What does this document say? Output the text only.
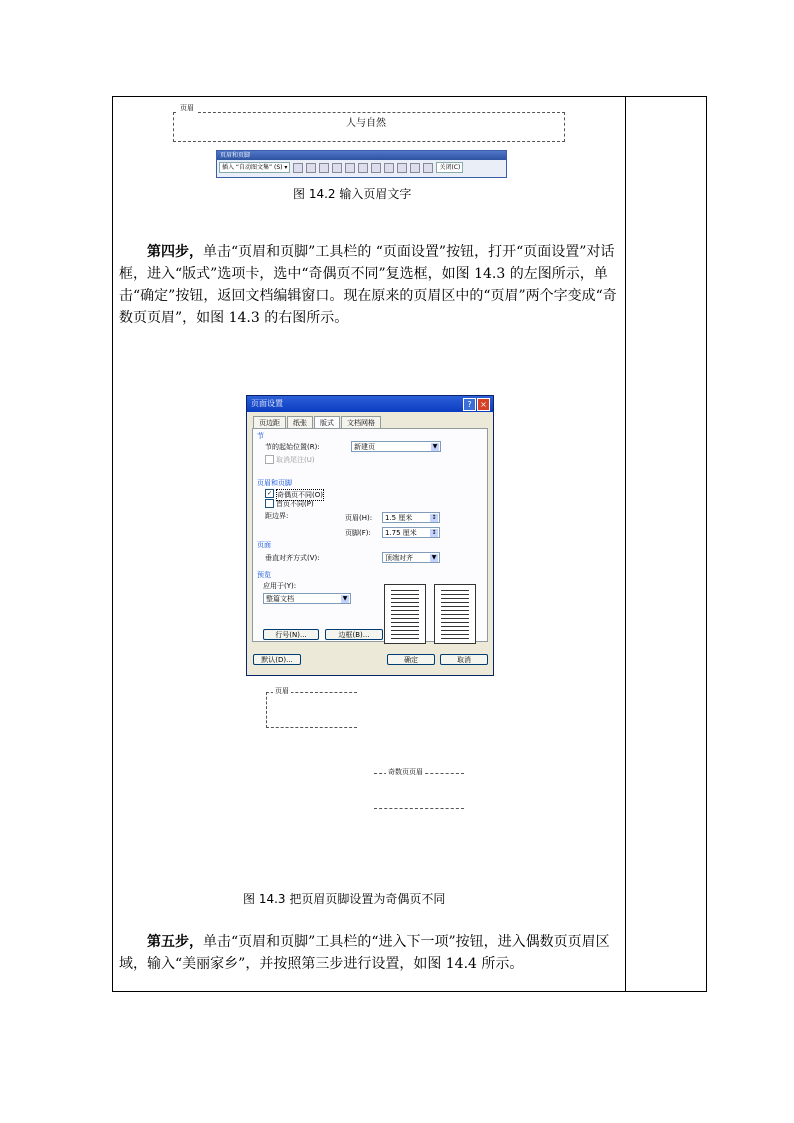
页眉
人与自然
页眉和页脚
插入 “自动图文集” (S) ▾	关闭(C)
图 14.2 输入页眉文字
第四步，单击“页眉和页脚”工具栏的 “页面设置”按钮，打开“页面设置”对话框，进入“版式”选项卡，选中“奇偶页不同”复选框，如图 14.3 的左图所示，单击“确定”按钮，返回文档编辑窗口。现在原来的页眉区中的“页眉”两个字变成“奇数页页眉”，如图 14.3 的右图所示。
页面设置	?	×
页边距	纸张	版式	文档网格
节
节的起始位置(R):	新建页	▼
取消尾注(U)
页眉和页脚
✓ 奇偶页不同(O)
首页不同(P)
距边界:	页眉(H):	1.5 厘米	↕
页脚(F):	1.75 厘米 ↕
页面
垂直对齐方式(V):	顶端对齐	▼
预览
应用于(Y):
整篇文档	▼
行号(N)...	边框(B)...
默认(D)...	确定	取消
页眉
奇数页页眉
图 14.3 把页眉页脚设置为奇偶页不同
第五步，单击“页眉和页脚”工具栏的“进入下一项”按钮，进入偶数页页眉区域，输入“美丽家乡”，并按照第三步进行设置，如图 14.4 所示。
